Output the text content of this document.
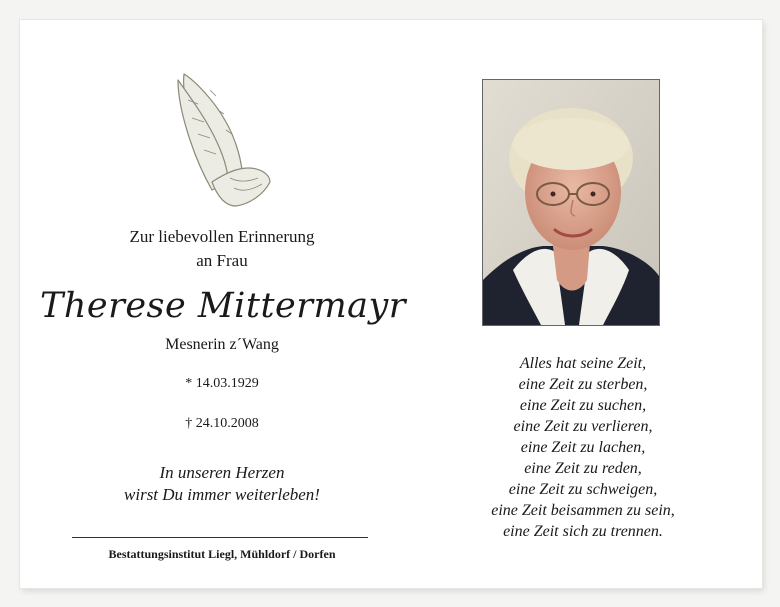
Zur liebevollen Erinnerung
an Frau
Therese Mittermayr
Mesnerin z´Wang
* 14.03.1929
† 24.10.2008
In unseren Herzen
wirst Du immer weiterleben!
Bestattungsinstitut Liegl, Mühldorf / Dorfen
Alles hat seine Zeit,
eine Zeit zu sterben,
eine Zeit zu suchen,
eine Zeit zu verlieren,
eine Zeit zu lachen,
eine Zeit zu reden,
eine Zeit zu schweigen,
eine Zeit beisammen zu sein,
eine Zeit sich zu trennen.
